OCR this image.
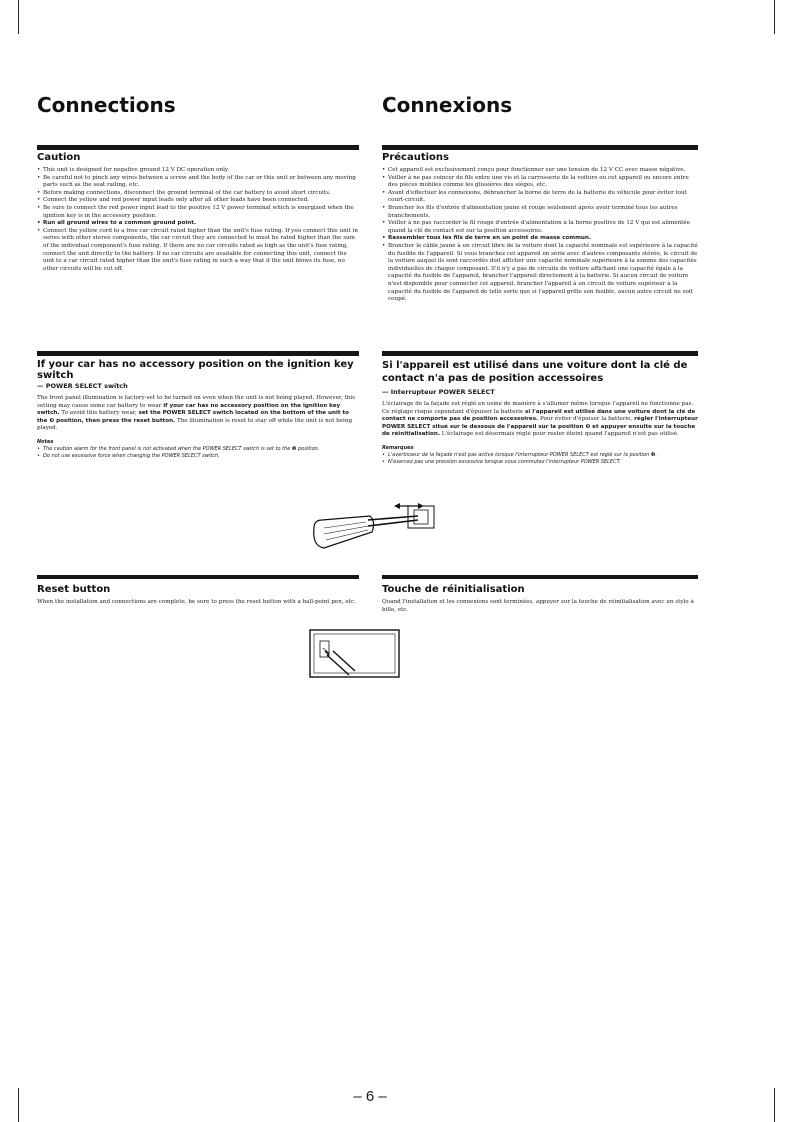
Connections	Connexions
Caution
• This unit is designed for negative ground 12 V DC operation only.
• Be careful not to pinch any wires between a screw and the body of the car or this unit or between any moving parts such as the seat railing, etc.
• Before making connections, disconnect the ground terminal of the car battery to avoid short circuits.
• Connect the yellow and red power input leads only after all other leads have been connected.
• Be sure to connect the red power input lead to the positive 12 V power terminal which is energized when the ignition key is in the accessory position.
• Run all ground wires to a common ground point.
• Connect the yellow cord to a free car circuit rated higher than the unit's fuse rating. If you connect this unit in series with other stereo components, the car circuit they are connected to must be rated higher than the sum of the individual component's fuse rating. If there are no car circuits rated as high as the unit's fuse rating, connect the unit directly to the battery. If no car circuits are available for connecting this unit, connect the unit to a car circuit rated higher than the unit's fuse rating in such a way that if the unit blows its fuse, no other circuits will be cut off.
Précautions
• Cet appareil est exclusivement conçu pour fonctionner sur une tension de 12 V CC avec masse négative.
• Veiller à ne pas coincer de fils entre une vis et la carrosserie de la voiture ou cet appareil ou encore entre des pièces mobiles comme les glissières des sièges, etc.
• Avant d'effectuer les connexions, débrancher la borne de terre de la batterie du véhicule pour éviter tout court-circuit.
• Brancher les fils d'entrée d'alimentation jaune et rouge seulement après avoir terminé tous les autres branchements.
• Veiller à ne pas raccorder le fil rouge d'entrée d'alimentation à la borne positive de 12 V qui est alimentée quand la clé de contact est sur la position accessoires.
• Rassembler tous les fils de terre en un point de masse commun.
• Brancher le câble jaune à un circuit libre de la voiture dont la capacité nominale est supérieure à la capacité du fusible de l'appareil. Si vous branchez cet appareil en série avec d'autres composants stéréo, le circuit de la voiture auquel ils sont raccordés doit afficher une capacité nominale supérieure à la somme des capacités individuelles de chaque composant. S'il n'y a pas de circuits de voiture affichant une capacité égale à la capacité du fusible de l'appareil, brancher l'appareil directement à la batterie. Si aucun circuit de voiture n'est disponible pour connecter cet appareil, brancher l'appareil à un circuit de voiture supérieur à la capacité du fusible de l'appareil de telle sorte que si l'appareil grille son fusible, aucun autre circuit ne soit coupé.
If your car has no accessory position on the ignition key switch
— POWER SELECT switch

The front panel illumination is factory-set to be turned on even when the unit is not being played. However, this setting may cause some car battery to wear if your car has no accessory position on the ignition key switch. To avoid this battery wear, set the POWER SELECT switch located on the bottom of the unit to the ❸ position, then press the reset button. The illumination is reset to stay off while the unit is not being played.

Notes
• The caution alarm for the front panel is not activated when the POWER SELECT switch is set to the ❸ position.
• Do not use excessive force when changing the POWER SELECT switch.
Si l'appareil est utilisé dans une voiture dont la clé de contact n'a pas de position accessoires
— Interrupteur POWER SELECT

L'éclairage de la façade est réglé en usine de manière à s'allumer même lorsque l'appareil ne fonctionne pas. Ce réglage risque cependant d'épuiser la batterie si l'appareil est utilisé dans une voiture dont la clé de contact ne comporte pas de position accessoires. Pour éviter d'épuiser la batterie, régler l'interrupteur POWER SELECT situé sur le dessous de l'appareil sur la position ❸ et appuyer ensuite sur la touche de réinitialisation. L'éclairage est désormais réglé pour rester éteint quand l'appareil n'est pas utilisé.

Remarques
• L'avertisseur de la façade n'est pas activé lorsque l'interrupteur POWER SELECT est réglé sur la position ❸.
• N'exercez pas une pression excessive lorsque vous commutez l'interrupteur POWER SELECT.
Reset button

When the installation and connections are complete, be sure to press the reset button with a ball-point pen, etc.

Touche de réinitialisation

Quand l'installation et les connexions sont terminées, appuyer sur la touche de réinitialisation avec un stylo à bille, etc.

– 6 –
